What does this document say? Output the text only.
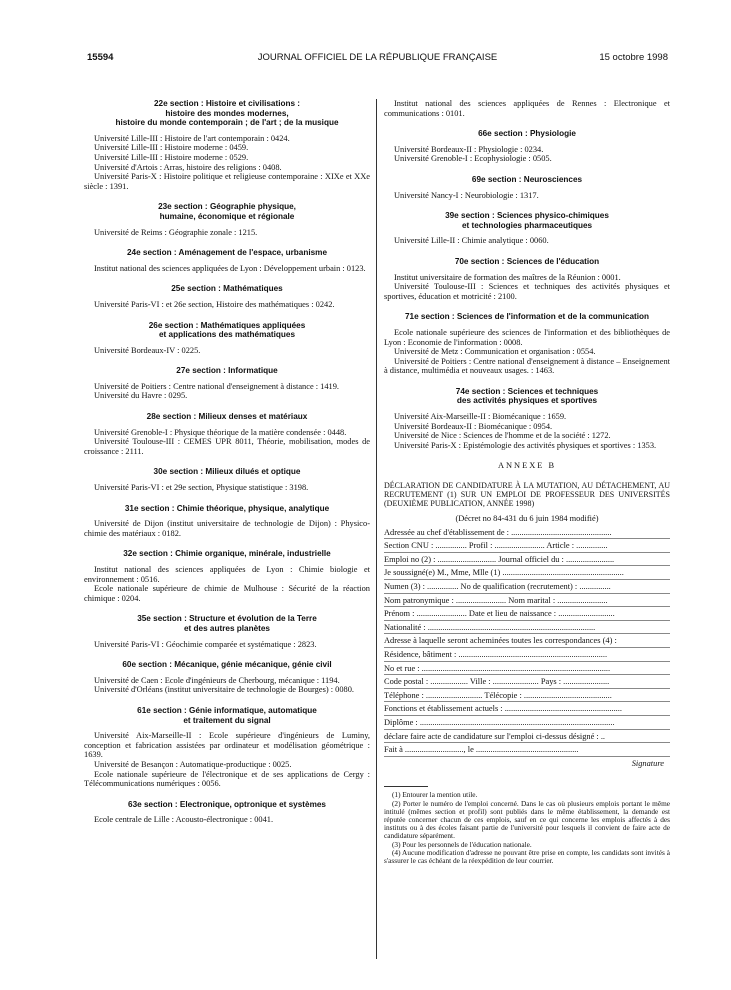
15594	JOURNAL OFFICIEL DE LA RÉPUBLIQUE FRANÇAISE	15 octobre 1998
22e section : Histoire et civilisations :
histoire des mondes modernes,
histoire du monde contemporain ; de l'art ; de la musique
Université Lille-III : Histoire de l'art contemporain : 0424.
Université Lille-III : Histoire moderne : 0459.
Université Lille-III : Histoire moderne : 0529.
Université d'Artois : Arras, histoire des religions : 0408.
Université Paris-X : Histoire politique et religieuse contemporaine : XIXe et XXe siècle : 1391.
23e section : Géographie physique,
humaine, économique et régionale
Université de Reims : Géographie zonale : 1215.
24e section : Aménagement de l'espace, urbanisme
Institut national des sciences appliquées de Lyon : Développement urbain : 0123.
25e section : Mathématiques
Université Paris-VI : et 26e section, Histoire des mathématiques : 0242.
26e section : Mathématiques appliquées
et applications des mathématiques
Université Bordeaux-IV : 0225.
27e section : Informatique
Université de Poitiers : Centre national d'enseignement à distance : 1419.
Université du Havre : 0295.
28e section : Milieux denses et matériaux
Université Grenoble-I : Physique théorique de la matière condensée : 0448.
Université Toulouse-III : CEMES UPR 8011, Théorie, mobilisation, modes de croissance : 2111.
30e section : Milieux dilués et optique
Université Paris-VI : et 29e section, Physique statistique : 3198.
31e section : Chimie théorique, physique, analytique
Université de Dijon (institut universitaire de technologie de Dijon) : Physico-chimie des matériaux : 0182.
32e section : Chimie organique, minérale, industrielle
Institut national des sciences appliquées de Lyon : Chimie biologie et environnement : 0516.
Ecole nationale supérieure de chimie de Mulhouse : Sécurité de la réaction chimique : 0204.
35e section : Structure et évolution de la Terre
et des autres planètes
Université Paris-VI : Géochimie comparée et systématique : 2823.
60e section : Mécanique, génie mécanique, génie civil
Université de Caen : Ecole d'ingénieurs de Cherbourg, mécanique : 1194.
Université d'Orléans (institut universitaire de technologie de Bourges) : 0080.
61e section : Génie informatique, automatique
et traitement du signal
Université Aix-Marseille-II : Ecole supérieure d'ingénieurs de Luminy, conception et fabrication assistées par ordinateur et modélisation géométrique : 1639.
Université de Besançon : Automatique-productique : 0025.
Ecole nationale supérieure de l'électronique et de ses applications de Cergy : Télécommunications numériques : 0056.
63e section : Electronique, optronique et systèmes
Ecole centrale de Lille : Acousto-électronique : 0041.
Institut national des sciences appliquées de Rennes : Electronique et communications : 0101.
66e section : Physiologie
Université Bordeaux-II : Physiologie : 0234.
Université Grenoble-I : Ecophysiologie : 0505.
69e section : Neurosciences
Université Nancy-I : Neurobiologie : 1317.
39e section : Sciences physico-chimiques
et technologies pharmaceutiques
Université Lille-II : Chimie analytique : 0060.
70e section : Sciences de l'éducation
Institut universitaire de formation des maîtres de la Réunion : 0001.
Université Toulouse-III : Sciences et techniques des activités physiques et sportives, éducation et motricité : 2100.
71e section : Sciences de l'information et de la communication
Ecole nationale supérieure des sciences de l'information et des bibliothèques de Lyon : Economie de l'information : 0008.
Université de Metz : Communication et organisation : 0554.
Université de Poitiers : Centre national d'enseignement à distance – Enseignement à distance, multimédia et nouveaux usages. : 1463.
74e section : Sciences et techniques
des activités physiques et sportives
Université Aix-Marseille-II : Biomécanique : 1659.
Université Bordeaux-II : Biomécanique : 0954.
Université de Nice : Sciences de l'homme et de la société : 1272.
Université Paris-X : Epistémologie des activités physiques et sportives : 1353.
ANNEXE B
DÉCLARATION DE CANDIDATURE À LA MUTATION, AU DÉTACHEMENT, AU RECRUTEMENT (1) SUR UN EMPLOI DE PROFESSEUR DES UNIVERSITÉS (DEUXIÈME PUBLICATION, ANNÉE 1998)
(Décret no 84-431 du 6 juin 1984 modifié)
Adressée au chef d'établissement de : ................................................
Section CNU : ............... Profil : ........................ Article : ...............
Emploi no (2) : ............................ Journal officiel du : .......................
Je soussigné(e) M., Mme, Mlle (1) ..........................................................
Numen (3) : ............... No de qualification (recrutement) : ...............
Nom patronymique : ........................ Nom marital : ........................
Prénom : ........................ Date et lieu de naissance : ...........................
Nationalité : ................................................................................
Adresse à laquelle seront acheminées toutes les correspondances (4) :
Résidence, bâtiment : .......................................................................
No et rue : ..........................................................................................
Code postal : .................. Ville : ...................... Pays : ......................
Téléphone : ........................... Télécopie : ..........................................
Fonctions et établissement actuels : ........................................................
Diplôme : .............................................................................................
déclare faire acte de candidature sur l'emploi ci-dessus désigné : ..
Fait à ............................, le .................................................
Signature
(1) Entourer la mention utile.
(2) Porter le numéro de l'emploi concerné. Dans le cas où plusieurs emplois portant le même intitulé (mêmes section et profil) sont publiés dans le même établissement, la demande est réputée concerner chacun de ces emplois, sauf en ce qui concerne les emplois affectés à des instituts ou à des écoles faisant partie de l'université pour lesquels il convient de faire acte de candidature séparément.
(3) Pour les personnels de l'éducation nationale.
(4) Aucune modification d'adresse ne pouvant être prise en compte, les candidats sont invités à s'assurer le cas échéant de la réexpédition de leur courrier.
